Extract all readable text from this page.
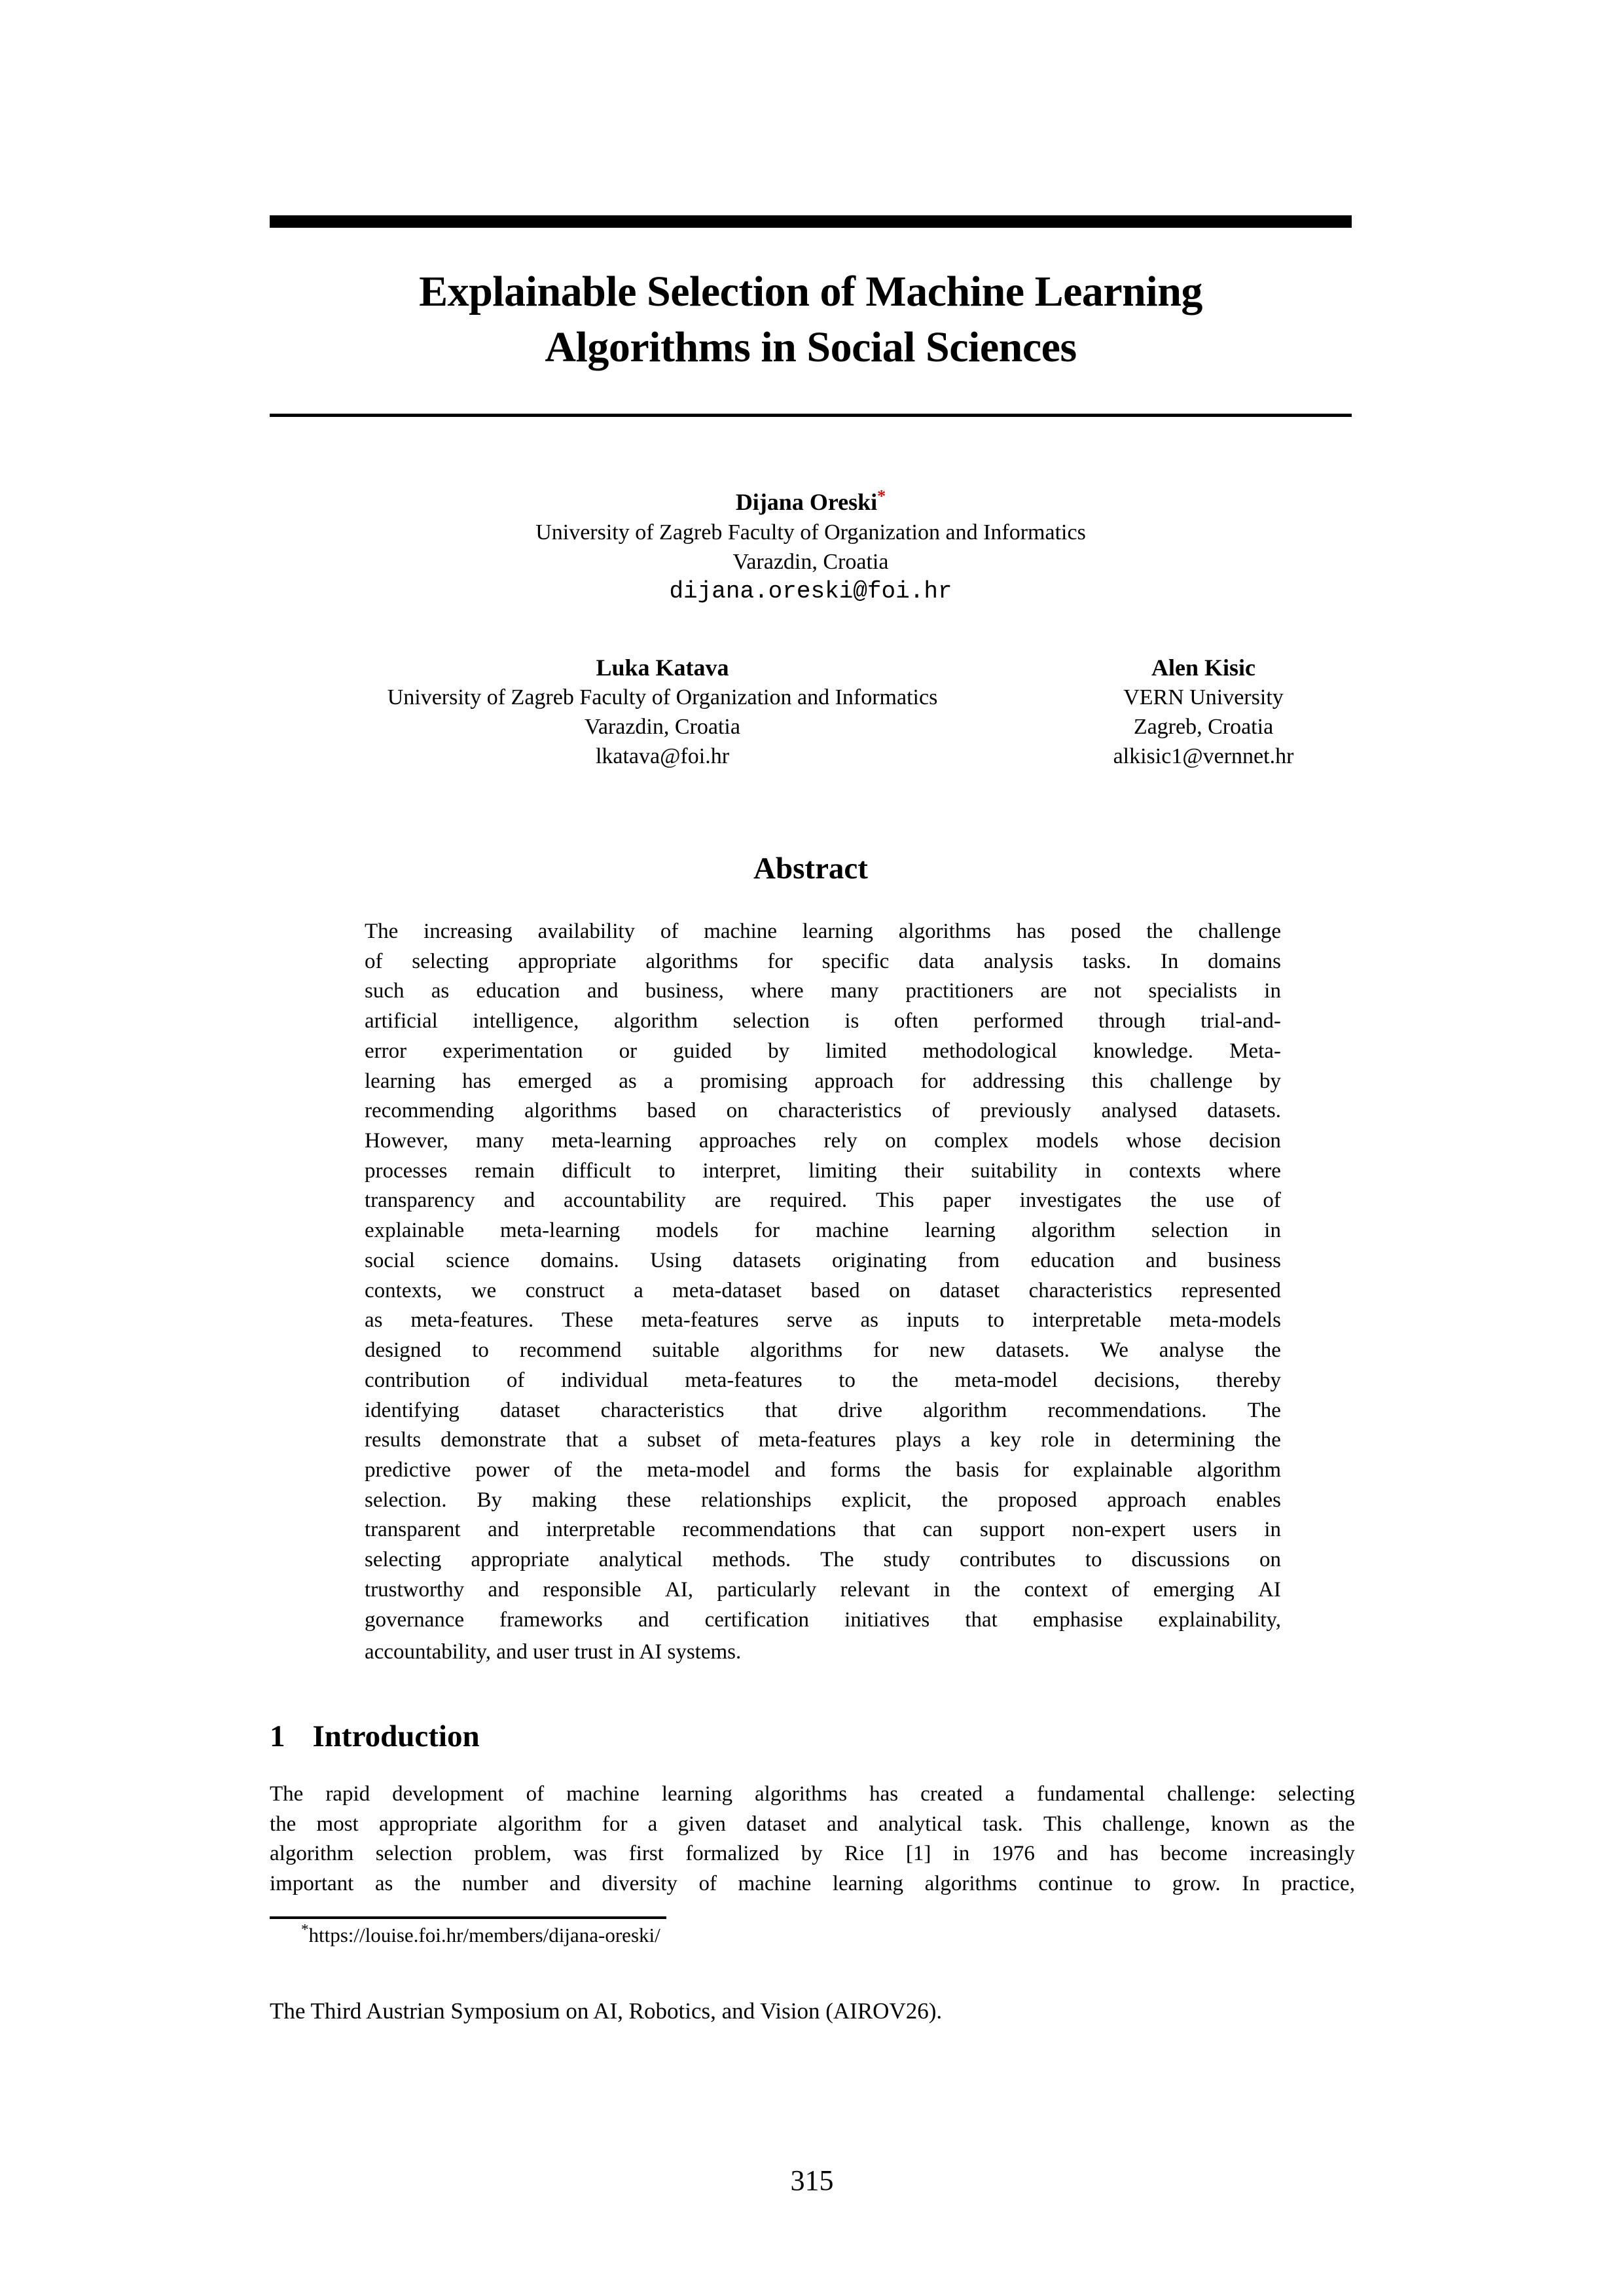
Explainable Selection of Machine Learning
Algorithms in Social Sciences
Dijana Oreski*
University of Zagreb Faculty of Organization and Informatics
Varazdin, Croatia
dijana.oreski@foi.hr
Luka Katava
University of Zagreb Faculty of Organization and Informatics
Varazdin, Croatia
lkatava@foi.hr
Alen Kisic
VERN University
Zagreb, Croatia
alkisic1@vernnet.hr
Abstract
The increasing availability of machine learning algorithms has posed the challenge
of selecting appropriate algorithms for specific data analysis tasks. In domains
such as education and business, where many practitioners are not specialists in
artificial intelligence, algorithm selection is often performed through trial-and-
error experimentation or guided by limited methodological knowledge. Meta-
learning has emerged as a promising approach for addressing this challenge by
recommending algorithms based on characteristics of previously analysed datasets.
However, many meta-learning approaches rely on complex models whose decision
processes remain difficult to interpret, limiting their suitability in contexts where
transparency and accountability are required. This paper investigates the use of
explainable meta-learning models for machine learning algorithm selection in
social science domains. Using datasets originating from education and business
contexts, we construct a meta-dataset based on dataset characteristics represented
as meta-features. These meta-features serve as inputs to interpretable meta-models
designed to recommend suitable algorithms for new datasets. We analyse the
contribution of individual meta-features to the meta-model decisions, thereby
identifying dataset characteristics that drive algorithm recommendations. The
results demonstrate that a subset of meta-features plays a key role in determining the
predictive power of the meta-model and forms the basis for explainable algorithm
selection. By making these relationships explicit, the proposed approach enables
transparent and interpretable recommendations that can support non-expert users in
selecting appropriate analytical methods. The study contributes to discussions on
trustworthy and responsible AI, particularly relevant in the context of emerging AI
governance frameworks and certification initiatives that emphasise explainability,
accountability, and user trust in AI systems.
1 Introduction
The rapid development of machine learning algorithms has created a fundamental challenge: selecting
the most appropriate algorithm for a given dataset and analytical task. This challenge, known as the
algorithm selection problem, was first formalized by Rice [1] in 1976 and has become increasingly
important as the number and diversity of machine learning algorithms continue to grow. In practice,
*https://louise.foi.hr/members/dijana-oreski/
The Third Austrian Symposium on AI, Robotics, and Vision (AIROV26).
315
